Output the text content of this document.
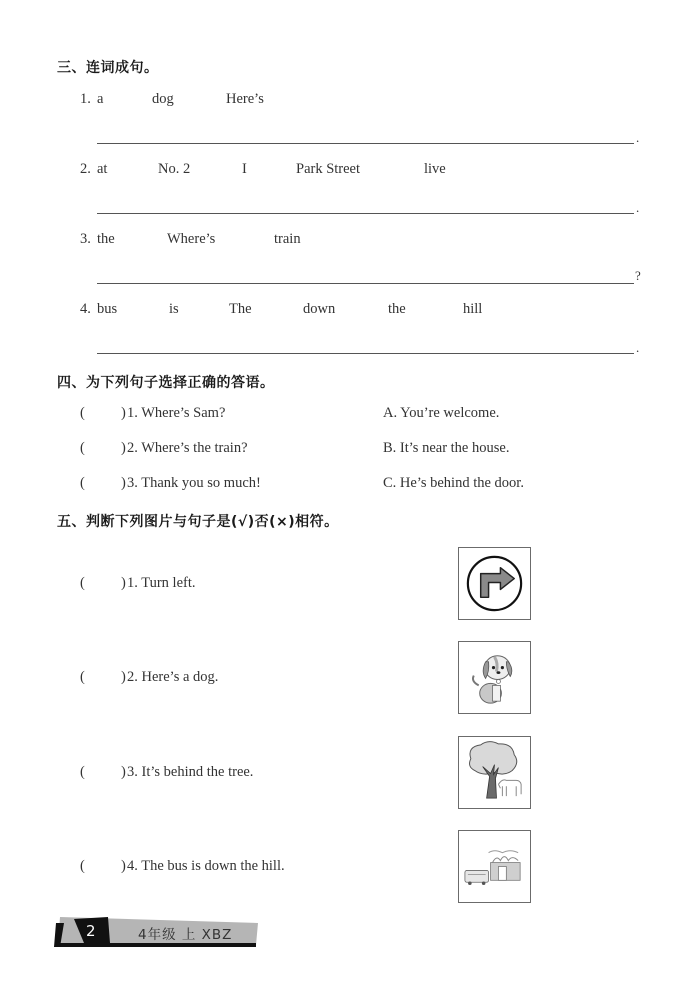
三、连词成句。
1. a	dog	Here’s
.
2. at	No. 2	I	Park Street	live
.
3. the	Where’s	train
?
4. bus	is	The	down	the	hill
.
四、为下列句子选择正确的答语。
( ) 1. Where’s Sam?	A. You’re welcome.
( ) 2. Where’s the train?	B. It’s near the house.
( ) 3. Thank you so much!	C. He’s behind the door.
五、判断下列图片与句子是(√)否(×)相符。
( ) 1. Turn left.
( ) 2. Here’s a dog.
( ) 3. It’s behind the tree.
( ) 4. The bus is down the hill.
2	4年级 上 XBZ
